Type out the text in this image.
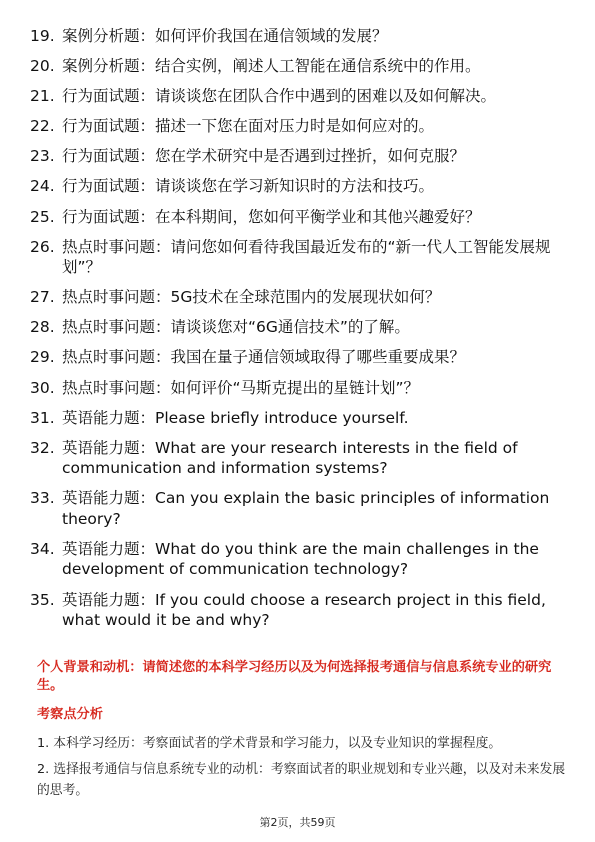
19. 案例分析题：如何评价我国在通信领域的发展？
20. 案例分析题：结合实例，阐述人工智能在通信系统中的作用。
21. 行为面试题：请谈谈您在团队合作中遇到的困难以及如何解决。
22. 行为面试题：描述一下您在面对压力时是如何应对的。
23. 行为面试题：您在学术研究中是否遇到过挫折，如何克服？
24. 行为面试题：请谈谈您在学习新知识时的方法和技巧。
25. 行为面试题：在本科期间，您如何平衡学业和其他兴趣爱好？
26. 热点时事问题：请问您如何看待我国最近发布的“新一代人工智能发展规划”？
27. 热点时事问题：5G技术在全球范围内的发展现状如何？
28. 热点时事问题：请谈谈您对“6G通信技术”的了解。
29. 热点时事问题：我国在量子通信领域取得了哪些重要成果？
30. 热点时事问题：如何评价“马斯克提出的星链计划”？
31. 英语能力题：Please briefly introduce yourself.
32. 英语能力题：What are your research interests in the field of communication and information systems?
33. 英语能力题：Can you explain the basic principles of information theory?
34. 英语能力题：What do you think are the main challenges in the development of communication technology?
35. 英语能力题：If you could choose a research project in this field, what would it be and why?
个人背景和动机：请简述您的本科学习经历以及为何选择报考通信与信息系统专业的研究生。
考察点分析

1. 本科学习经历：考察面试者的学术背景和学习能力，以及专业知识的掌握程度。

2. 选择报考通信与信息系统专业的动机：考察面试者的职业规划和专业兴趣，以及对未来发展的思考。

第2页，共59页
